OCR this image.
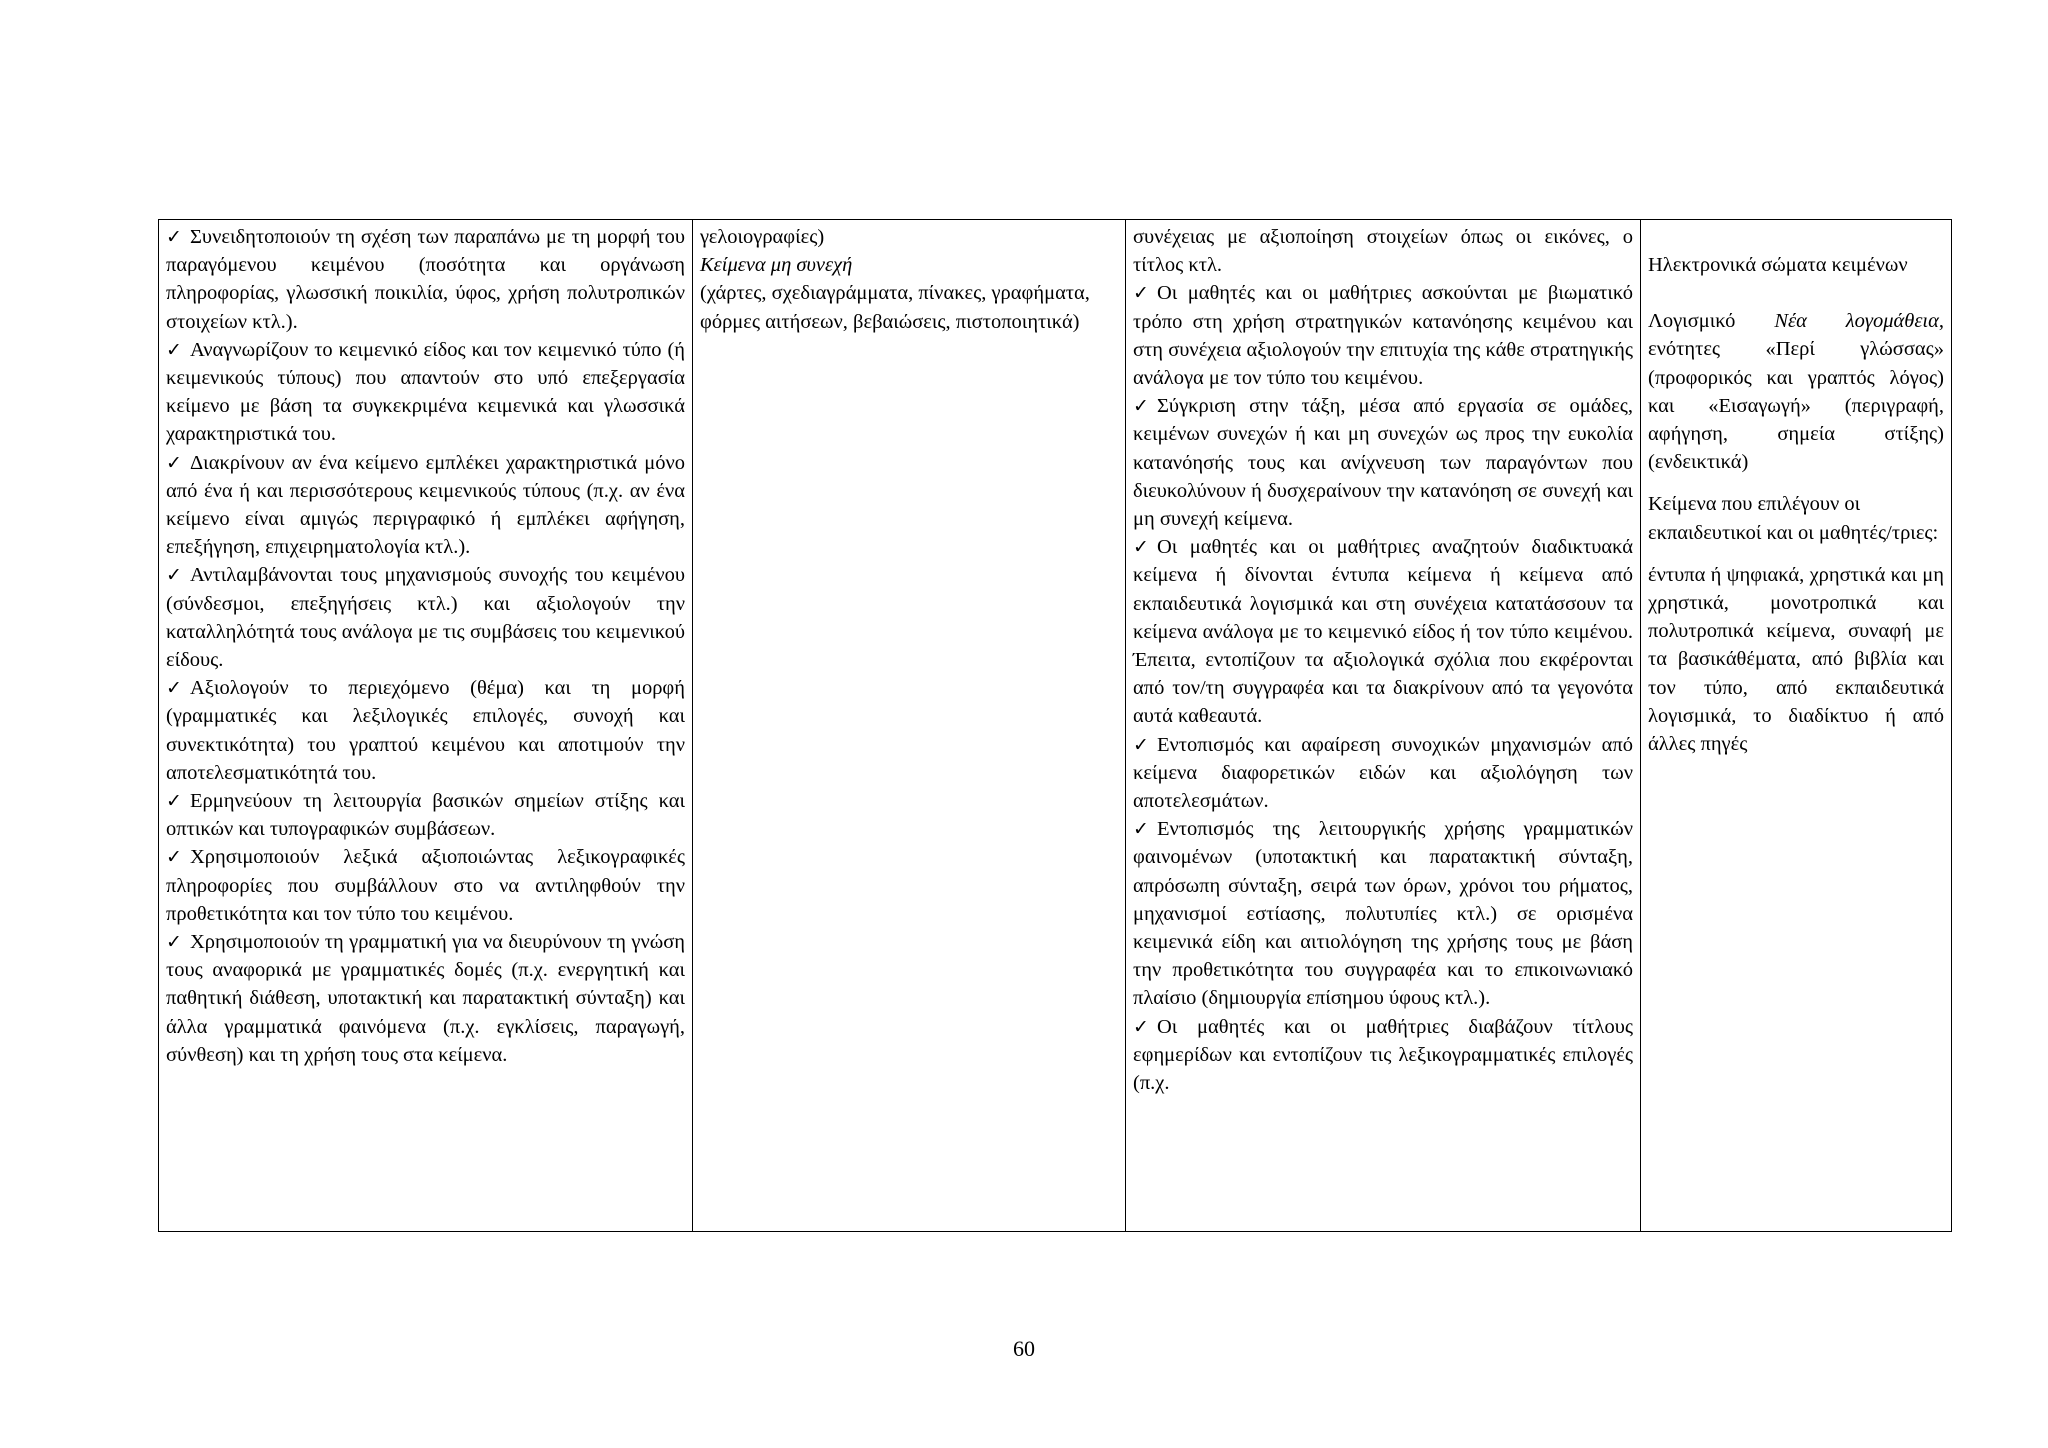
✓ Συνειδητοποιούν τη σχέση των παραπάνω με τη μορφή του παραγόμενου κειμένου (ποσότητα και οργάνωση πληροφορίας, γλωσσική ποικιλία, ύφος, χρήση πολυτροπικών στοιχείων κτλ.).
✓ Αναγνωρίζουν το κειμενικό είδος και τον κειμενικό τύπο (ή κειμενικούς τύπους) που απαντούν στο υπό επεξεργασία κείμενο με βάση τα συγκεκριμένα κειμενικά και γλωσσικά χαρακτηριστικά του.
✓ Διακρίνουν αν ένα κείμενο εμπλέκει χαρακτηριστικά μόνο από ένα ή και περισσότερους κειμενικούς τύπους (π.χ. αν ένα κείμενο είναι αμιγώς περιγραφικό ή εμπλέκει αφήγηση, επεξήγηση, επιχειρηματολογία κτλ.).
✓ Αντιλαμβάνονται τους μηχανισμούς συνοχής του κειμένου (σύνδεσμοι, επεξηγήσεις κτλ.) και αξιολογούν την καταλληλότητά τους ανάλογα με τις συμβάσεις του κειμενικού είδους.
✓ Αξιολογούν το περιεχόμενο (θέμα) και τη μορφή (γραμματικές και λεξιλογικές επιλογές, συνοχή και συνεκτικότητα) του γραπτού κειμένου και αποτιμούν την αποτελεσματικότητά του.
✓ Ερμηνεύουν τη λειτουργία βασικών σημείων στίξης και οπτικών και τυπογραφικών συμβάσεων.
✓ Χρησιμοποιούν λεξικά αξιοποιώντας λεξικογραφικές πληροφορίες που συμβάλλουν στο να αντιληφθούν την προθετικότητα και τον τύπο του κειμένου.
✓ Χρησιμοποιούν τη γραμματική για να διευρύνουν τη γνώση τους αναφορικά με γραμματικές δομές (π.χ. ενεργητική και παθητική διάθεση, υποτακτική και παρατακτική σύνταξη) και άλλα γραμματικά φαινόμενα (π.χ. εγκλίσεις, παραγωγή, σύνθεση) και τη χρήση τους στα κείμενα.

γελοιογραφίες)
Κείμενα μη συνεχή
(χάρτες, σχεδιαγράμματα, πίνακες, γραφήματα, φόρμες αιτήσεων, βεβαιώσεις, πιστοποιητικά)

συνέχειας με αξιοποίηση στοιχείων όπως οι εικόνες, ο τίτλος κτλ.
✓ Οι μαθητές και οι μαθήτριες ασκούνται με βιωματικό τρόπο στη χρήση στρατηγικών κατανόησης κειμένου και στη συνέχεια αξιολογούν την επιτυχία της κάθε στρατηγικής ανάλογα με τον τύπο του κειμένου.
✓ Σύγκριση στην τάξη, μέσα από εργασία σε ομάδες, κειμένων συνεχών ή και μη συνεχών ως προς την ευκολία κατανόησής τους και ανίχνευση των παραγόντων που διευκολύνουν ή δυσχεραίνουν την κατανόηση σε συνεχή και μη συνεχή κείμενα.
✓ Οι μαθητές και οι μαθήτριες αναζητούν διαδικτυακά κείμενα ή δίνονται έντυπα κείμενα ή κείμενα από εκπαιδευτικά λογισμικά και στη συνέχεια κατατάσσουν τα κείμενα ανάλογα με το κειμενικό είδος ή τον τύπο κειμένου. Έπειτα, εντοπίζουν τα αξιολογικά σχόλια που εκφέρονται από τον/τη συγγραφέα και τα διακρίνουν από τα γεγονότα αυτά καθεαυτά.
✓ Εντοπισμός και αφαίρεση συνοχικών μηχανισμών από κείμενα διαφορετικών ειδών και αξιολόγηση των αποτελεσμάτων.
✓ Εντοπισμός της λειτουργικής χρήσης γραμματικών φαινομένων (υποτακτική και παρατακτική σύνταξη, απρόσωπη σύνταξη, σειρά των όρων, χρόνοι του ρήματος, μηχανισμοί εστίασης, πολυτυπίες κτλ.) σε ορισμένα κειμενικά είδη και αιτιολόγηση της χρήσης τους με βάση την προθετικότητα του συγγραφέα και το επικοινωνιακό πλαίσιο (δημιουργία επίσημου ύφους κτλ.).
✓ Οι μαθητές και οι μαθήτριες διαβάζουν τίτλους εφημερίδων και εντοπίζουν τις λεξικογραμματικές επιλογές (π.χ.

Ηλεκτρονικά σώματα κειμένων
Λογισμικό Νέα λογομάθεια, ενότητες «Περί γλώσσας» (προφορικός και γραπτός λόγος) και «Εισαγωγή» (περιγραφή, αφήγηση, σημεία στίξης) (ενδεικτικά)
Κείμενα που επιλέγουν οι εκπαιδευτικοί και οι μαθητές/τριες:
έντυπα ή ψηφιακά, χρηστικά και μη χρηστικά, μονοτροπικά και πολυτροπικά κείμενα, συναφή με τα βασικάθέματα, από βιβλία και τον τύπο, από εκπαιδευτικά λογισμικά, το διαδίκτυο ή από άλλες πηγές
60
